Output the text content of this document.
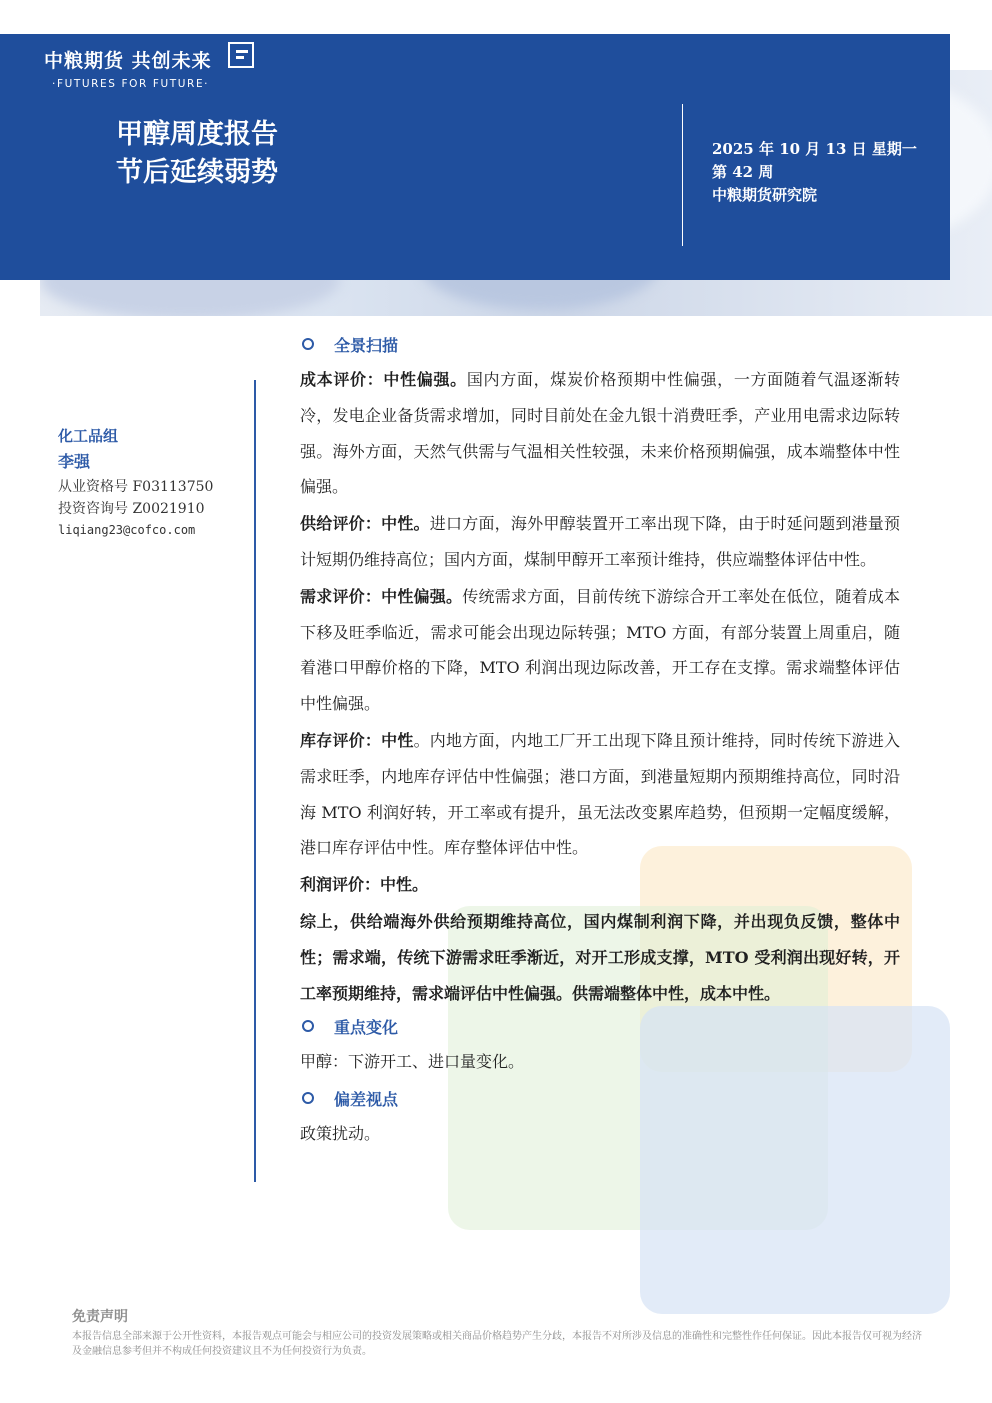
中粮期货 共创未来
·FUTURES FOR FUTURE·
甲醇周度报告
节后延续弱势
2025 年 10 月 13 日 星期一
第 42 周
中粮期货研究院
化工品组
李强
从业资格号 F03113750
投资咨询号 Z0021910
liqiang23@cofco.com
全景扫描

成本评价：中性偏强。国内方面，煤炭价格预期中性偏强，一方面随着气温逐渐转冷，发电企业备货需求增加，同时目前处在金九银十消费旺季，产业用电需求边际转强。海外方面，天然气供需与气温相关性较强，未来价格预期偏强，成本端整体中性偏强。

供给评价：中性。进口方面，海外甲醇装置开工率出现下降，由于时延问题到港量预计短期仍维持高位；国内方面，煤制甲醇开工率预计维持，供应端整体评估中性。

需求评价：中性偏强。传统需求方面，目前传统下游综合开工率处在低位，随着成本下移及旺季临近，需求可能会出现边际转强；MTO 方面，有部分装置上周重启，随着港口甲醇价格的下降，MTO 利润出现边际改善，开工存在支撑。需求端整体评估中性偏强。

库存评价：中性。内地方面，内地工厂开工出现下降且预计维持，同时传统下游进入需求旺季，内地库存评估中性偏强；港口方面，到港量短期内预期维持高位，同时沿海 MTO 利润好转，开工率或有提升，虽无法改变累库趋势，但预期一定幅度缓解，港口库存评估中性。库存整体评估中性。

利润评价：中性。

综上，供给端海外供给预期维持高位，国内煤制利润下降，并出现负反馈，整体中性；需求端，传统下游需求旺季渐近，对开工形成支撑，MTO 受利润出现好转，开工率预期维持，需求端评估中性偏强。供需端整体中性，成本中性。

重点变化

甲醇：下游开工、进口量变化。

偏差视点

政策扰动。

免责声明
本报告信息全部来源于公开性资料，本报告观点可能会与相应公司的投资发展策略或相关商品价格趋势产生分歧，本报告不对所涉及信息的准确性和完整性作任何保证。因此本报告仅可视为经济及金融信息参考但并不构成任何投资建议且不为任何投资行为负责。
